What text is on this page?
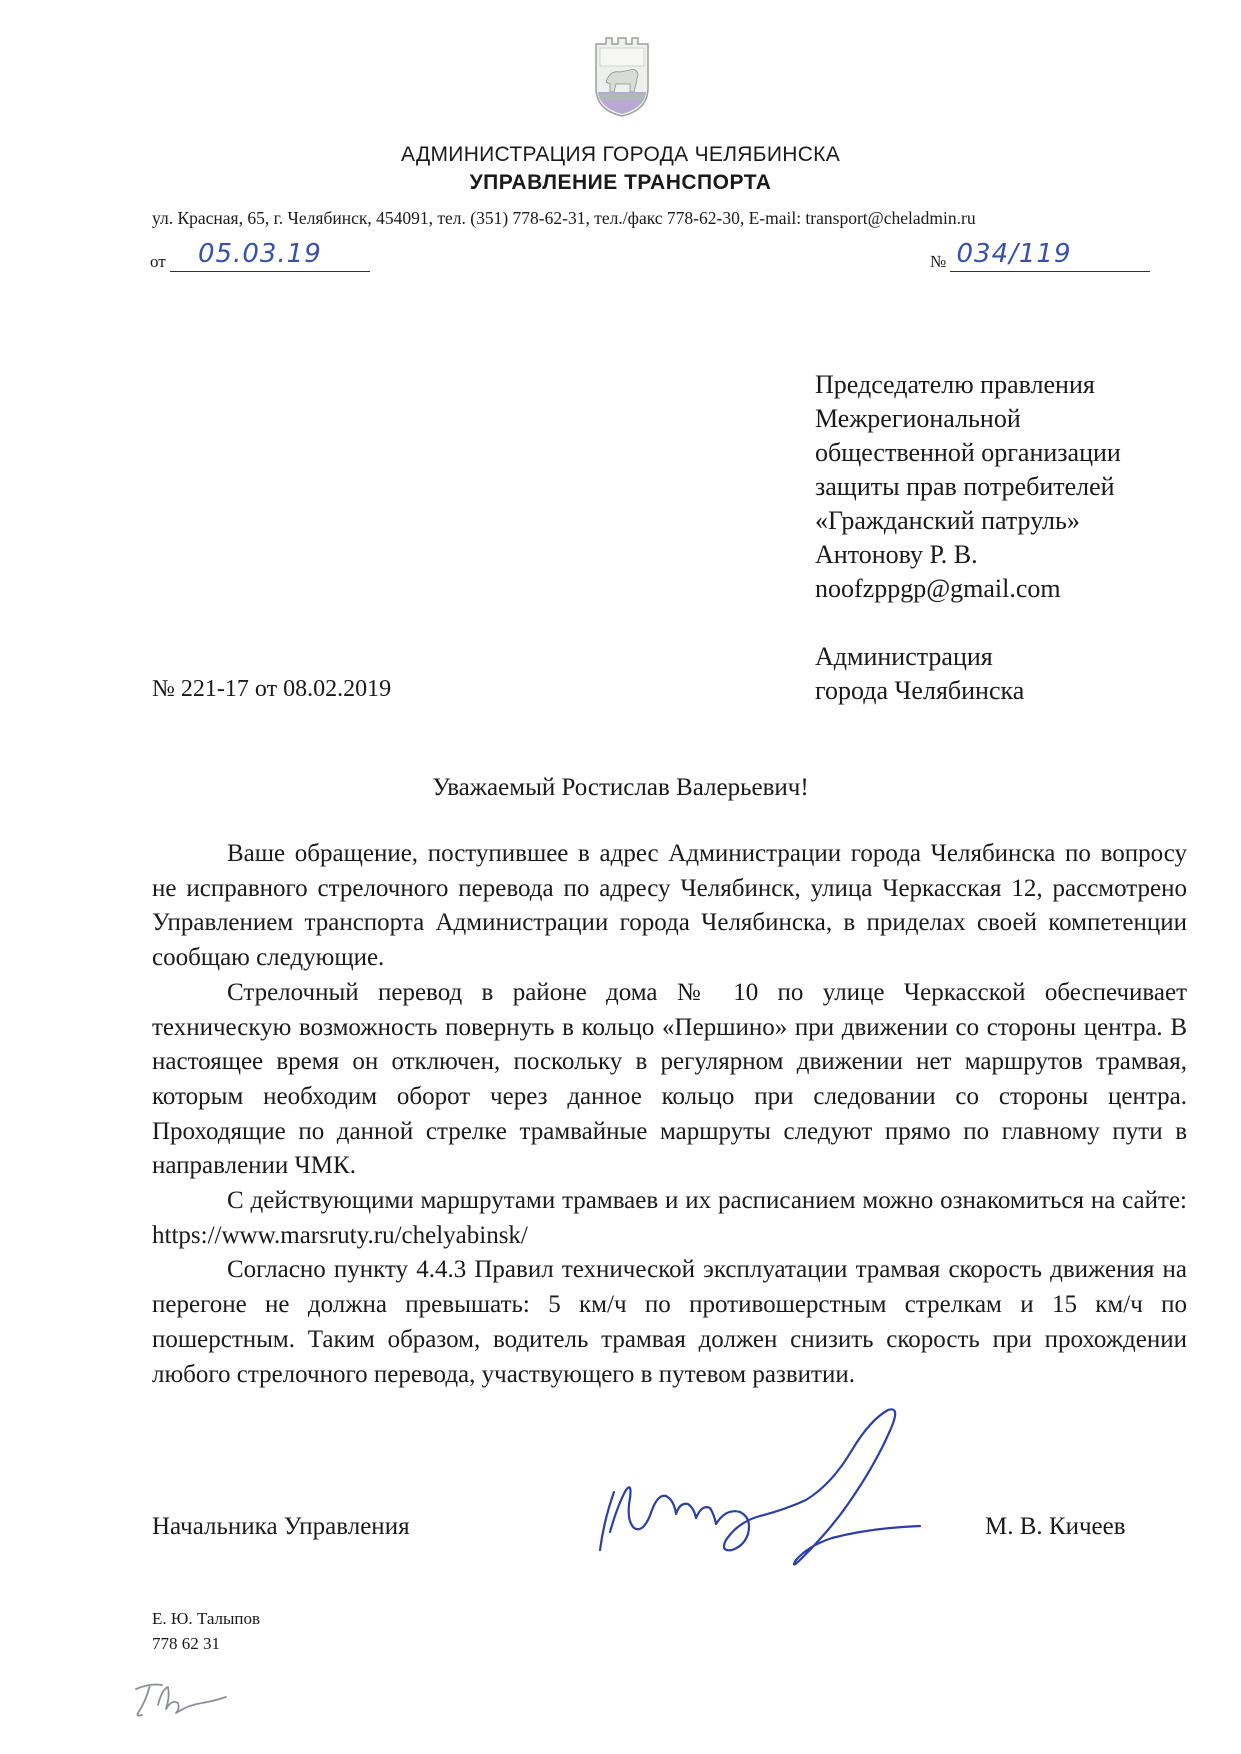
АДМИНИСТРАЦИЯ ГОРОДА ЧЕЛЯБИНСКА
УПРАВЛЕНИЕ ТРАНСПОРТА
ул. Красная, 65, г. Челябинск, 454091, тел. (351) 778-62-31, тел./факс 778-62-30, E-mail: transport@cheladmin.ru
от 05.03.19	№ 034/119
Председателю правления
Межрегиональной
общественной организации
защиты прав потребителей
«Гражданский патруль»
Антонову Р. В.
noofzppgp@gmail.com
Администрация
города Челябинска
№ 221-17 от 08.02.2019
Уважаемый Ростислав Валерьевич!

Ваше обращение, поступившее в адрес Администрации города Челябинска по вопросу не исправного стрелочного перевода по адресу Челябинск, улица Черкасская 12, рассмотрено Управлением транспорта Администрации города Челябинска, в приделах своей компетенции сообщаю следующие.

Стрелочный перевод в районе дома № 10 по улице Черкасской обеспечивает техническую возможность повернуть в кольцо «Першино» при движении со стороны центра. В настоящее время он отключен, поскольку в регулярном движении нет маршрутов трамвая, которым необходим оборот через данное кольцо при следовании со стороны центра. Проходящие по данной стрелке трамвайные маршруты следуют прямо по главному пути в направлении ЧМК.

С действующими маршрутами трамваев и их расписанием можно ознакомиться на сайте: https://www.marsruty.ru/chelyabinsk/

Согласно пункту 4.4.3 Правил технической эксплуатации трамвая скорость движения на перегоне не должна превышать: 5 км/ч по противошерстным стрелкам и 15 км/ч по пошерстным. Таким образом, водитель трамвая должен снизить скорость при прохождении любого стрелочного перевода, участвующего в путевом развитии.

Начальника Управления	М. В. Кичеев
Е. Ю. Талыпов
778 62 31
